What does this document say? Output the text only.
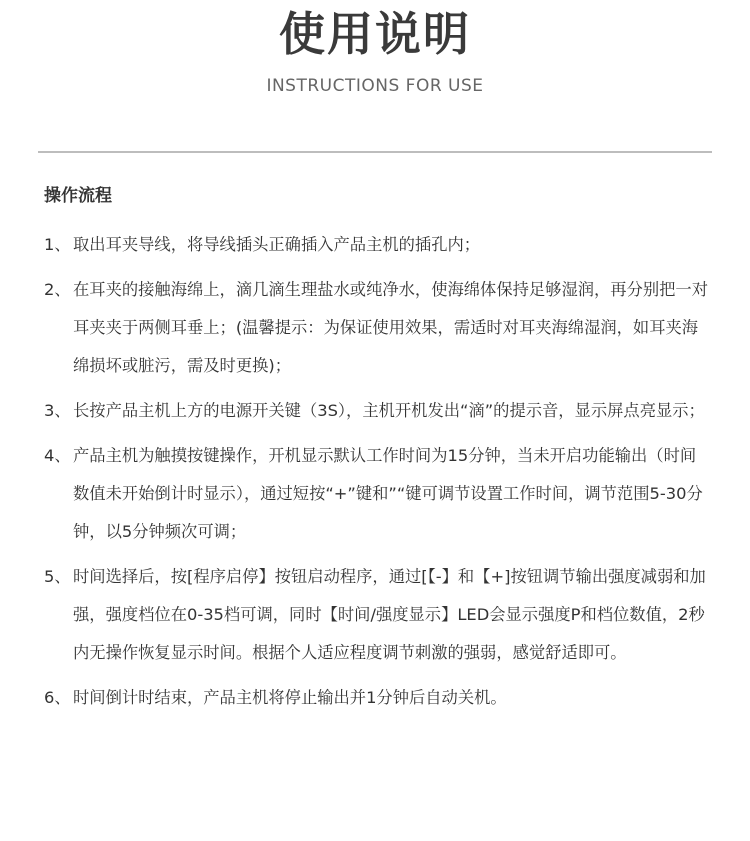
使用说明
INSTRUCTIONS FOR USE
操作流程
1、 取出耳夹导线，将导线插头正确插入产品主机的插孔内；
2、 在耳夹的接触海绵上，滴几滴生理盐水或纯净水，使海绵体保持足够湿润，再分别把一对耳夹夹于两侧耳垂上；(温馨提示：为保证使用效果，需适时对耳夹海绵湿润，如耳夹海绵损坏或脏污，需及时更换)；
3、 长按产品主机上方的电源开关键（3S），主机开机发出“滴”的提示音，显示屏点亮显示；
4、 产品主机为触摸按键操作，开机显示默认工作时间为15分钟，当未开启功能输出（时间数值未开始倒计时显示），通过短按“+”键和”“键可调节设置工作时间，调节范围5-30分钟，以5分钟频次可调；
5、 时间选择后，按[程序启停】按钮启动程序，通过[【-】和【+]按钮调节输出强度减弱和加强，强度档位在0-35档可调，同时【时间/强度显示】LED会显示强度P和档位数值，2秒内无操作恢复显示时间。根据个人适应程度调节刺激的强弱，感觉舒适即可。
6、 时间倒计时结束，产品主机将停止输出并1分钟后自动关机。
